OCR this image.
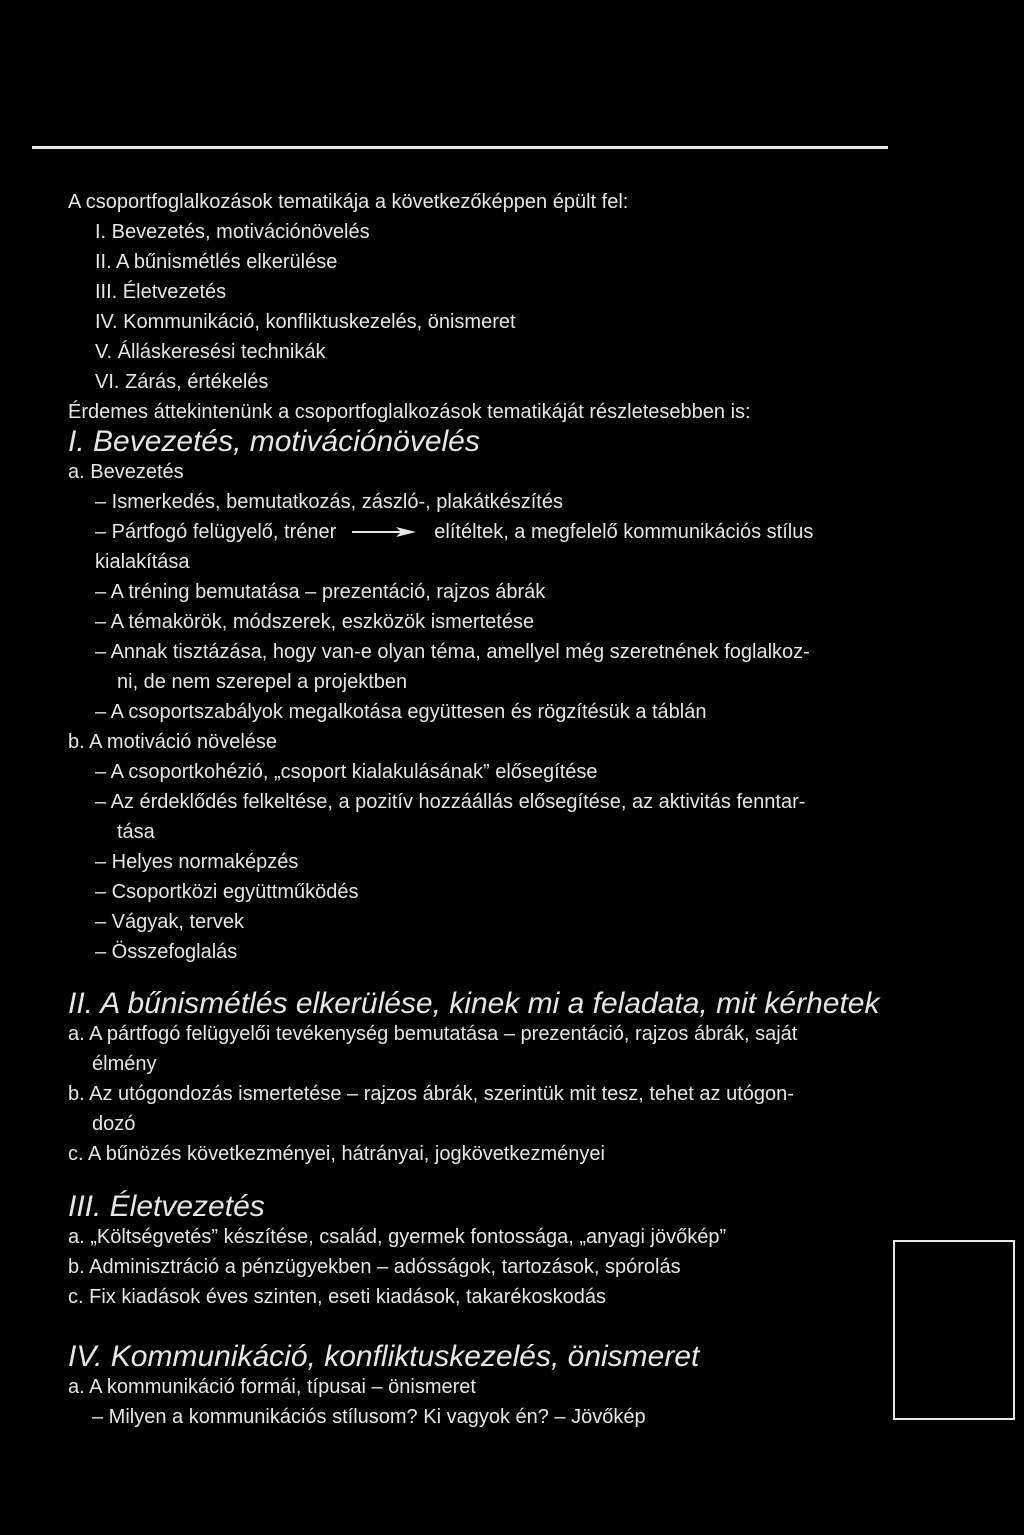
A csoportfoglalkozások tematikája a következőképpen épült fel:

I. Bevezetés, motivációnövelés

II. A bűnismétlés elkerülése

III. Életvezetés

IV. Kommunikáció, konfliktuskezelés, önismeret

V. Álláskeresési technikák

VI. Zárás, értékelés

Érdemes áttekintenünk a csoportfoglalkozások tematikáját részletesebben is:

I. Bevezetés, motivációnövelés

a. Bevezetés

– Ismerkedés, bemutatkozás, zászló-, plakátkészítés

– Pártfogó felügyelő, tréner	elítéltek, a megfelelő kommunikációs stílus

kialakítása

– A tréning bemutatása – prezentáció, rajzos ábrák

– A témakörök, módszerek, eszközök ismertetése

– Annak tisztázása, hogy van-e olyan téma, amellyel még szeretnének foglalkoz-

ni, de nem szerepel a projektben

– A csoportszabályok megalkotása együttesen és rögzítésük a táblán

b. A motiváció növelése

– A csoportkohézió, „csoport kialakulásának” elősegítése

– Az érdeklődés felkeltése, a pozitív hozzáállás elősegítése, az aktivitás fenntar-

tása

– Helyes normaképzés

– Csoportközi együttműködés

– Vágyak, tervek

– Összefoglalás

II. A bűnismétlés elkerülése, kinek mi a feladata, mit kérhetek

a. A pártfogó felügyelői tevékenység bemutatása – prezentáció, rajzos ábrák, saját

élmény

b. Az utógondozás ismertetése – rajzos ábrák, szerintük mit tesz, tehet az utógon-

dozó

c. A bűnözés következményei, hátrányai, jogkövetkezményei

III. Életvezetés

a. „Költségvetés” készítése, család, gyermek fontossága, „anyagi jövőkép”

b. Adminisztráció a pénzügyekben – adósságok, tartozások, spórolás

c. Fix kiadások éves szinten, eseti kiadások, takarékoskodás

IV. Kommunikáció, konfliktuskezelés, önismeret

a. A kommunikáció formái, típusai – önismeret

– Milyen a kommunikációs stílusom? Ki vagyok én? – Jövőkép
